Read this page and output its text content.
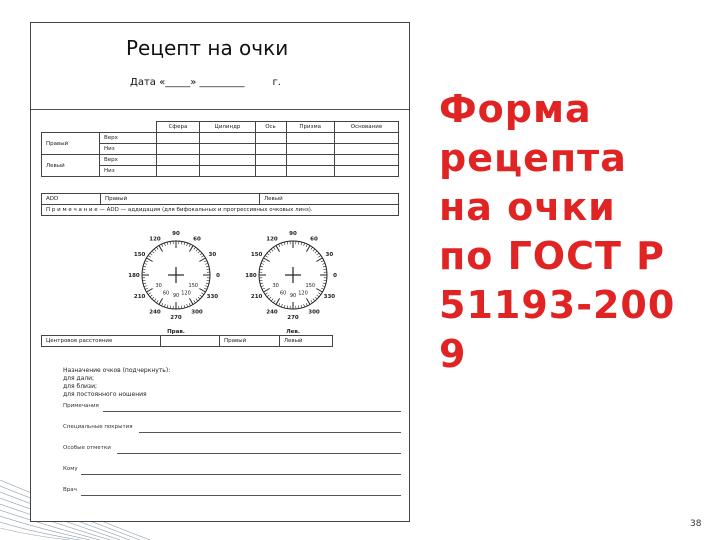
Рецепт на очки
Дата «_____» _________	г.
		Сфера	Цилиндр	Ось	Призма	Основание
Правый	Верх					
	Низ					
Левый	Верх					
	Низ					
ADD	Правый	Левый
П р и м е ч а н и е — ADD — аддидация (для бифокальных и прогрессивных очковых линз).
90
120	60
150	30
180	0
210	330
240	300
270
60 90 120
30	150
Прав.
90
120	60
150	30
180	0
210	330
240	300
270
60 90 120
30	150
Лев.
Центровое расстояние		Правый	Левый
Назначение очков (подчеркнуть):
для дали;
для близи;
для постоянного ношения
Примечания
Специальные покрытия
Особые отметки
Кому
Врач
Форма
рецепта
на очки
по ГОСТ Р
51193-200
9
38
